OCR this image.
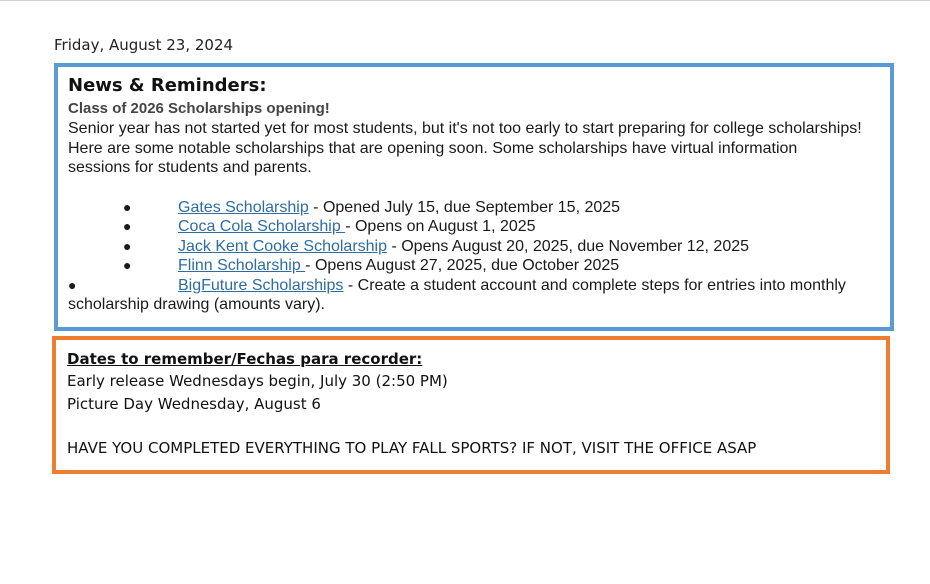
Friday, August 23, 2024
News & Reminders:

Class of 2026 Scholarships opening!

Senior year has not started yet for most students, but it's not too early to start preparing for college scholarships! Here are some notable scholarships that are opening soon. Some scholarships have virtual information sessions for students and parents.

●	Gates Scholarship - Opened July 15, due September 15, 2025
●	Coca Cola Scholarship - Opens on August 1, 2025
●	Jack Kent Cooke Scholarship - Opens August 20, 2025, due November 12, 2025
●	Flinn Scholarship - Opens August 27, 2025, due October 2025
●	BigFuture Scholarships - Create a student account and complete steps for entries into monthly scholarship drawing (amounts vary).
Dates to remember/Fechas para recorder:
Early release Wednesdays begin, July 30 (2:50 PM)
Picture Day Wednesday, August 6
HAVE YOU COMPLETED EVERYTHING TO PLAY FALL SPORTS? IF NOT, VISIT THE OFFICE ASAP
